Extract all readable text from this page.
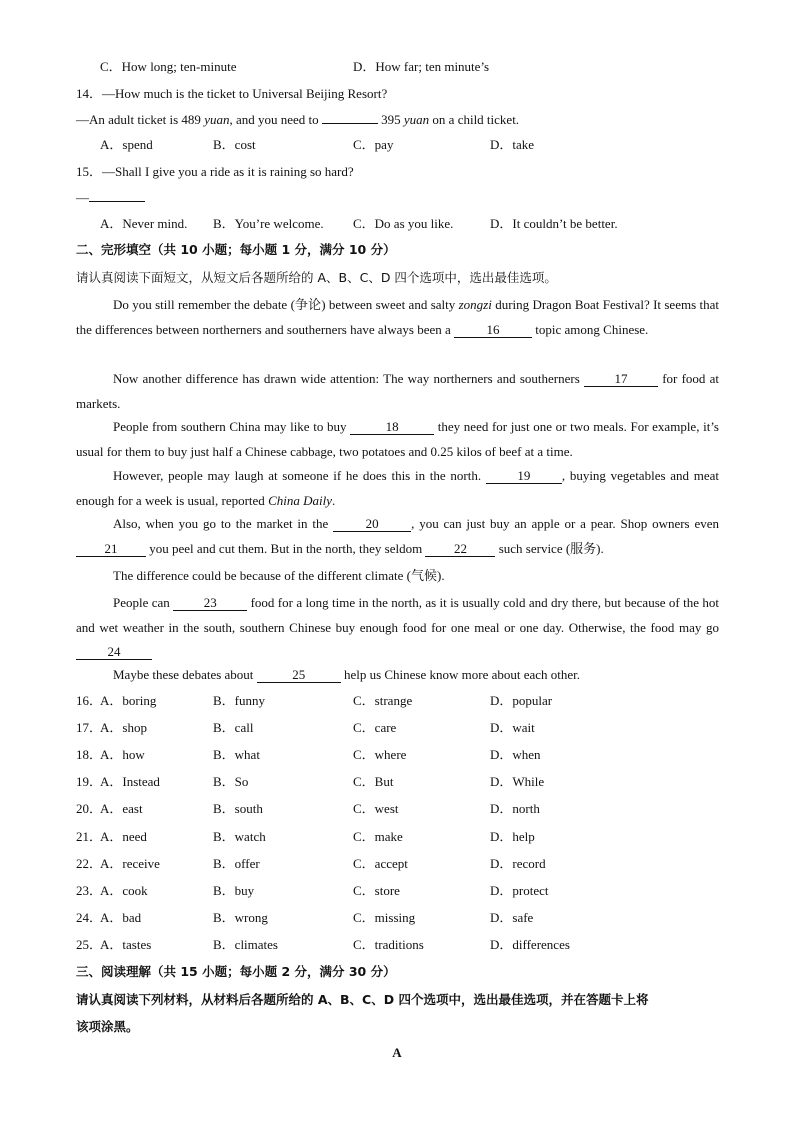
C．How long; ten-minute	D．How far; ten minute’s
14．—How much is the ticket to Universal Beijing Resort?
—An adult ticket is 489 yuan, and you need to	395 yuan on a child ticket.
A．spend	B．cost	C．pay	D．take
15．—Shall I give you a ride as it is raining so hard?
—
A．Never mind. B．You’re welcome. C．Do as you like.	D．It couldn’t be better.
二、完形填空（共 10 小题；每小题 1 分，满分 10 分）
请认真阅读下面短文，从短文后各题所给的 A、B、C、D 四个选项中，选出最佳选项。
Do you still remember the debate (争论) between sweet and salty zongzi during Dragon Boat Festival? It seems that the differences between northerners and southerners have always been a	16	topic among Chinese.
Now another difference has drawn wide attention: The way northerners and southerners 17 for food at markets.
People from southern China may like to buy	18	they need for just one or two meals. For example, it’s usual for them to buy just half a Chinese cabbage, two potatoes and 0.25 kilos of beef at a time.
However, people may laugh at someone if he does this in the north. 19 , buying vegetables and meat enough for a week is usual, reported China Daily.
Also, when you go to the market in the	20	, you can just buy an apple or a pear. Shop owners even 21 you peel and cut them. But in the north, they seldom 22 such service (服务).
The difference could be because of the different climate (气候).
People can 23 food for a long time in the north, as it is usually cold and dry there, but because of the hot and wet weather in the south, southern Chinese buy enough food for one meal or one day. Otherwise, the food may go 24
Maybe these debates about	25	help us Chinese know more about each other.
16．
A．boring	B．funny	C．strange	D．popular
17．
A．shop	B．call	C．care	D．wait
18．
A．how	B．what	C．where	D．when
19．
A．Instead	B．So	C．But	D．While
20．
A．east	B．south	C．west	D．north
21．
A．need	B．watch	C．make	D．help
22．
A．receive	B．offer	C．accept	D．record
23．
A．cook	B．buy	C．store	D．protect
24．
A．bad	B．wrong	C．missing	D．safe
25．
A．tastes	B．climates	C．traditions	D．differences
三、阅读理解（共 15 小题；每小题 2 分，满分 30 分）
请认真阅读下列材料，从材料后各题所给的 A、B、C、D 四个选项中，选出最佳选项，并在答题卡上将
该项涂黑。
A
